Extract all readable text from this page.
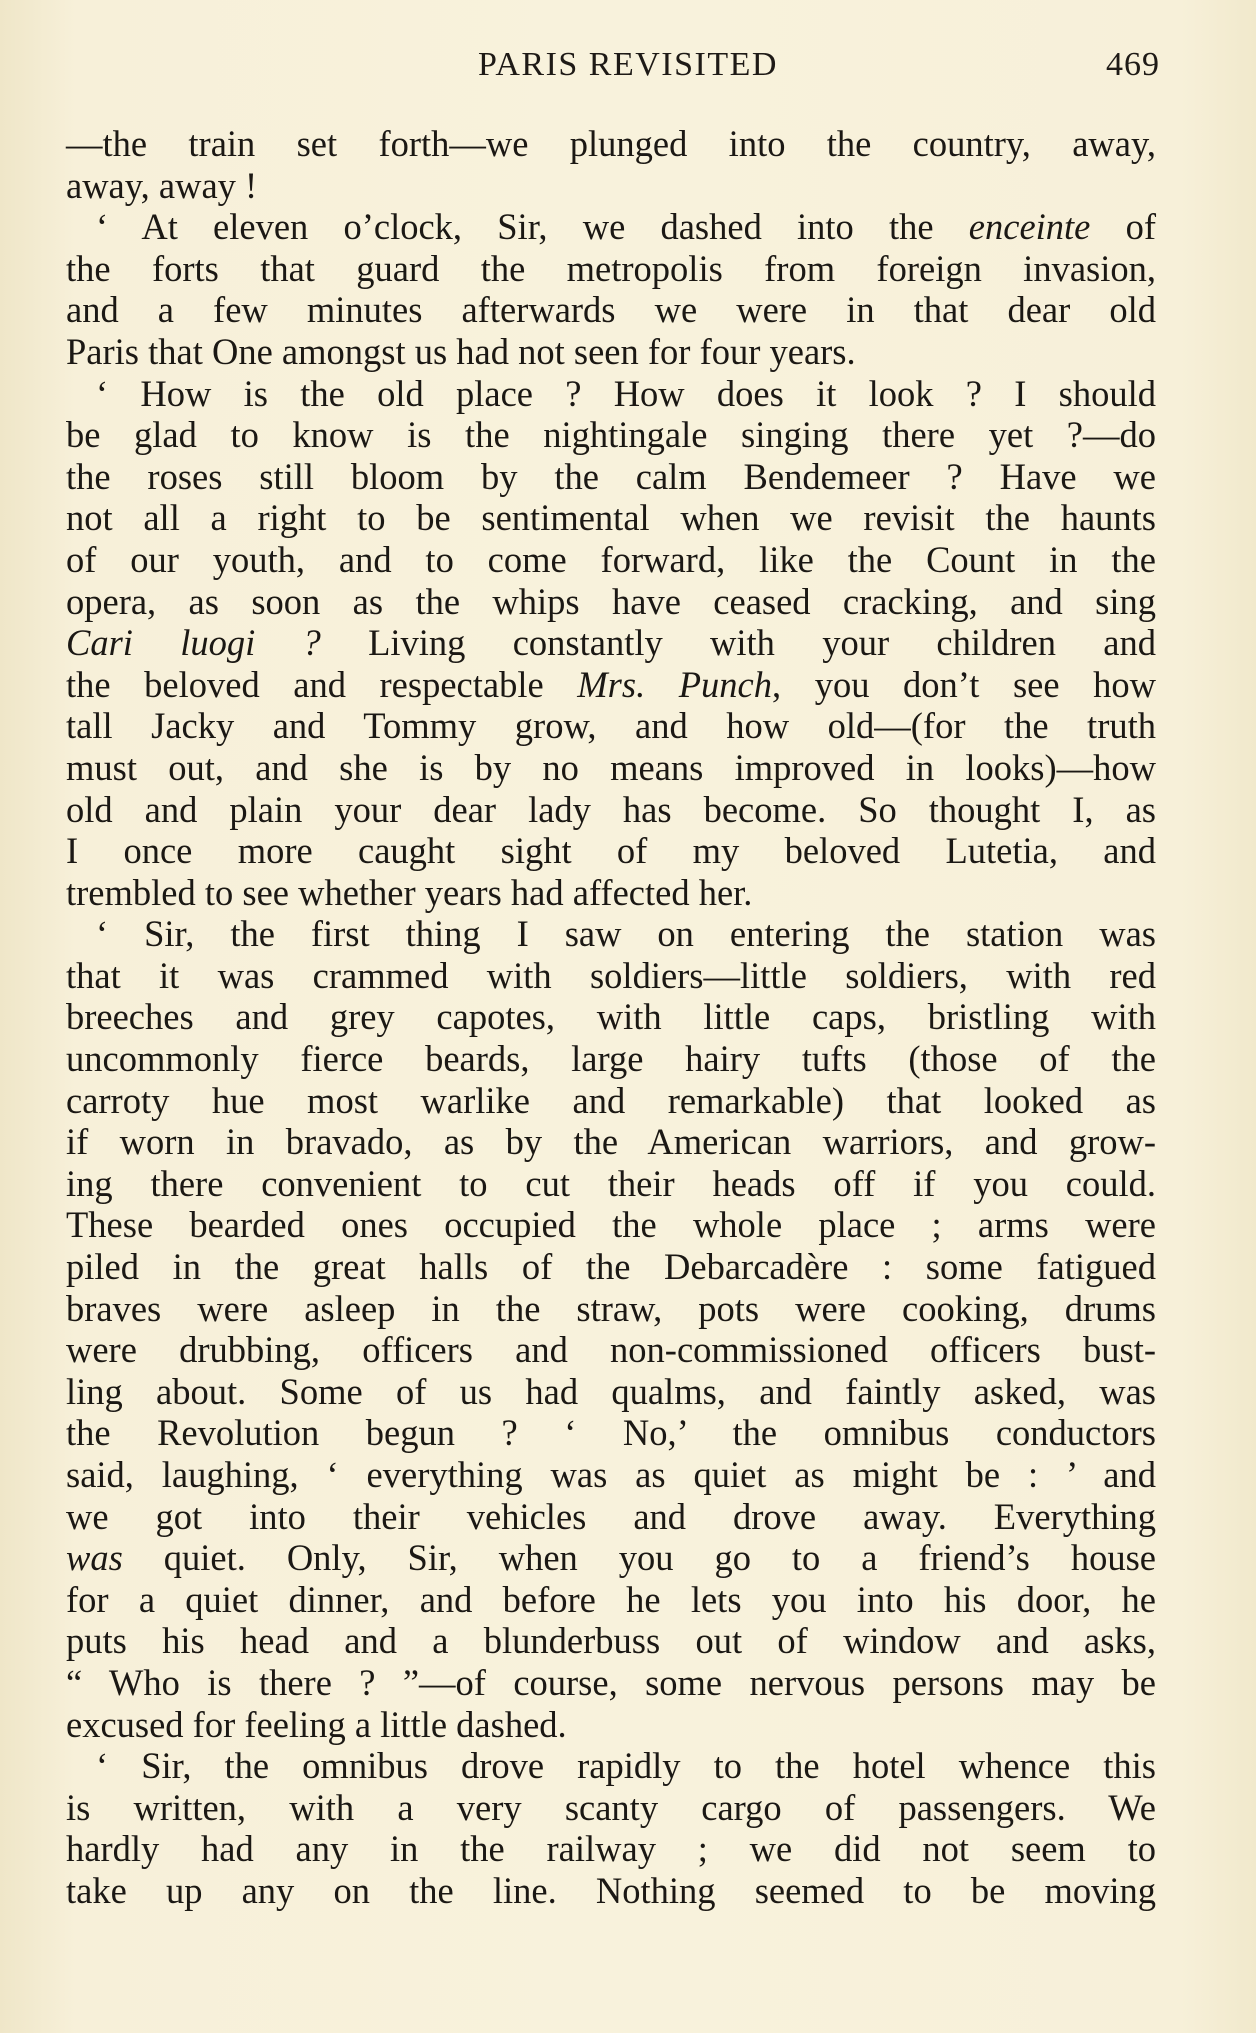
PARIS REVISITED	469
—the train set forth—we plunged into the country, away,
away, away !
‘ At eleven o’clock, Sir, we dashed into the enceinte of
the forts that guard the metropolis from foreign invasion,
and a few minutes afterwards we were in that dear old
Paris that One amongst us had not seen for four years.
‘ How is the old place ? How does it look ? I should
be glad to know is the nightingale singing there yet ?—do
the roses still bloom by the calm Bendemeer ? Have we
not all a right to be sentimental when we revisit the haunts
of our youth, and to come forward, like the Count in the
opera, as soon as the whips have ceased cracking, and sing
Cari luogi ? Living constantly with your children and
the beloved and respectable Mrs. Punch, you don’t see how
tall Jacky and Tommy grow, and how old—(for the truth
must out, and she is by no means improved in looks)—how
old and plain your dear lady has become. So thought I, as
I once more caught sight of my beloved Lutetia, and
trembled to see whether years had affected her.
‘ Sir, the first thing I saw on entering the station was
that it was crammed with soldiers—little soldiers, with red
breeches and grey capotes, with little caps, bristling with
uncommonly fierce beards, large hairy tufts (those of the
carroty hue most warlike and remarkable) that looked as
if worn in bravado, as by the American warriors, and grow-
ing there convenient to cut their heads off if you could.
These bearded ones occupied the whole place ; arms were
piled in the great halls of the Debarcadère : some fatigued
braves were asleep in the straw, pots were cooking, drums
were drubbing, officers and non-commissioned officers bust-
ling about. Some of us had qualms, and faintly asked, was
the Revolution begun ? ‘ No,’ the omnibus conductors
said, laughing, ‘ everything was as quiet as might be : ’ and
we got into their vehicles and drove away. Everything
was quiet. Only, Sir, when you go to a friend’s house
for a quiet dinner, and before he lets you into his door, he
puts his head and a blunderbuss out of window and asks,
“ Who is there ? ”—of course, some nervous persons may be
excused for feeling a little dashed.
‘ Sir, the omnibus drove rapidly to the hotel whence this
is written, with a very scanty cargo of passengers. We
hardly had any in the railway ; we did not seem to
take up any on the line. Nothing seemed to be moving
